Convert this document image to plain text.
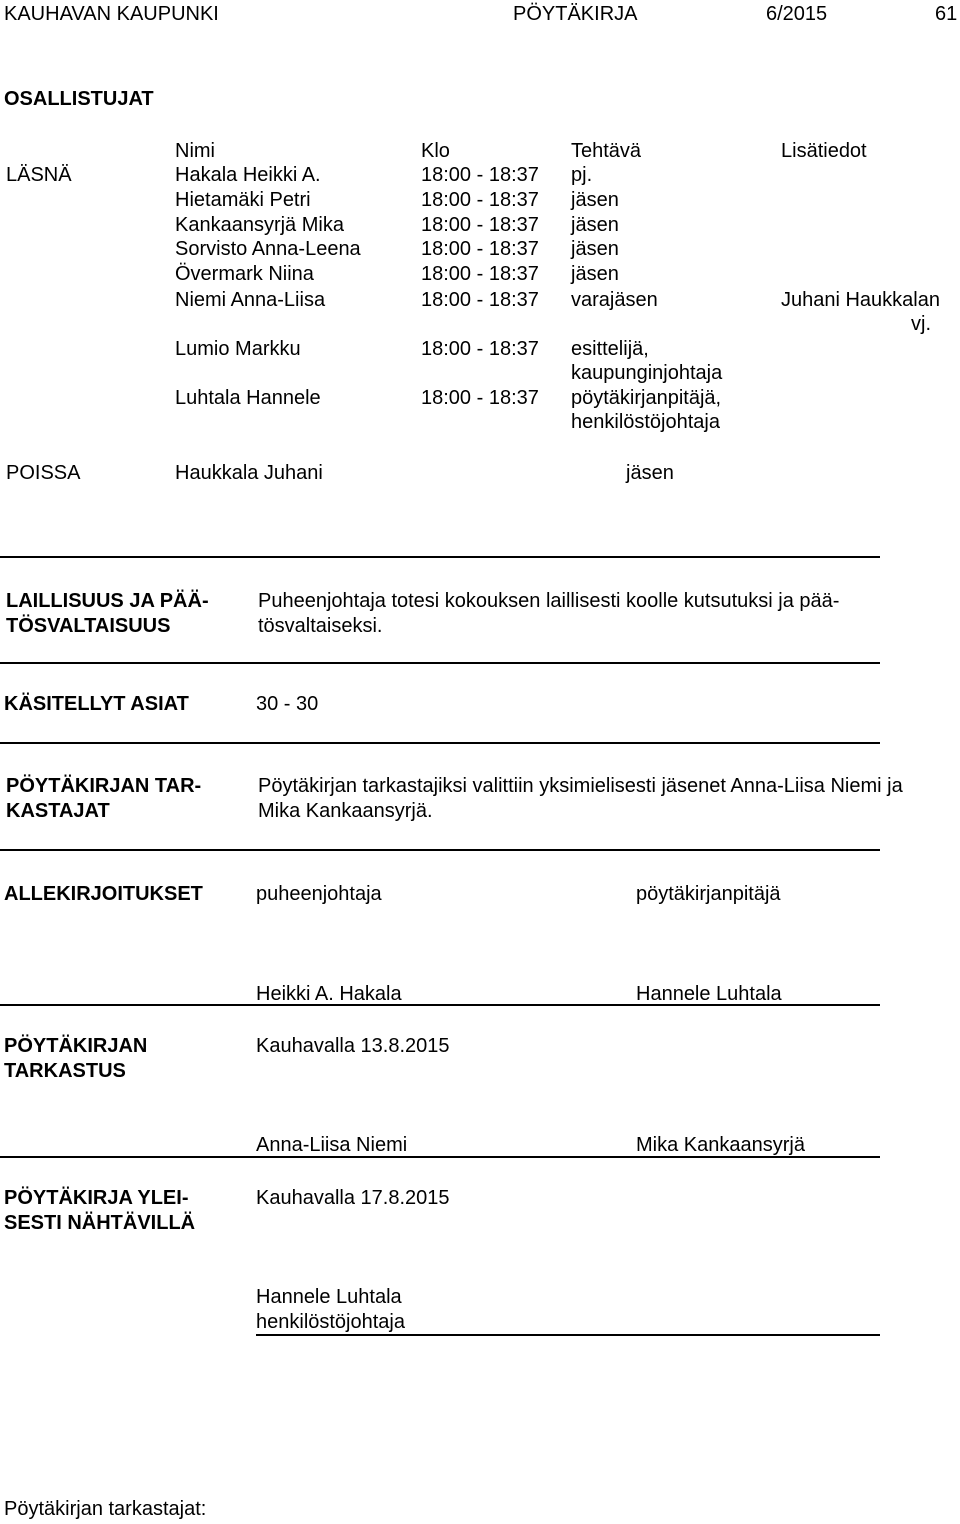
KAUHAVAN KAUPUNKI	PÖYTÄKIRJA	6/2015	61
OSALLISTUJAT
Nimi	Klo	Tehtävä	Lisätiedot
LÄSNÄ	Hakala Heikki A.	18:00 - 18:37 pj.
Hietamäki Petri	18:00 - 18:37 jäsen
Kankaansyrjä Mika	18:00 - 18:37 jäsen
Sorvisto Anna-Leena	18:00 - 18:37 jäsen
Övermark Niina	18:00 - 18:37 jäsen
Niemi Anna-Liisa	18:00 - 18:37 varajäsen	Juhani Haukkalan
vj.
Lumio Markku	18:00 - 18:37 esittelijä,
kaupunginjohtaja
Luhtala Hannele	18:00 - 18:37 pöytäkirjanpitäjä,
henkilöstöjohtaja
POISSA	Haukkala Juhani	jäsen
LAILLISUUS JA PÄÄ-
TÖSVALTAISUUS
Puheenjohtaja totesi kokouksen laillisesti koolle kutsutuksi ja pää-
tösvaltaiseksi.
KÄSITELLYT ASIAT	30 - 30
PÖYTÄKIRJAN TAR-
KASTAJAT
Pöytäkirjan tarkastajiksi valittiin yksimielisesti jäsenet Anna-Liisa Niemi ja
Mika Kankaansyrjä.
ALLEKIRJOITUKSET	puheenjohtaja	pöytäkirjanpitäjä
Heikki A. Hakala	Hannele Luhtala
PÖYTÄKIRJAN
TARKASTUS
Kauhavalla 13.8.2015
Anna-Liisa Niemi	Mika Kankaansyrjä
PÖYTÄKIRJA YLEI-
SESTI NÄHTÄVILLÄ
Kauhavalla 17.8.2015
Hannele Luhtala
henkilöstöjohtaja
Pöytäkirjan tarkastajat:
